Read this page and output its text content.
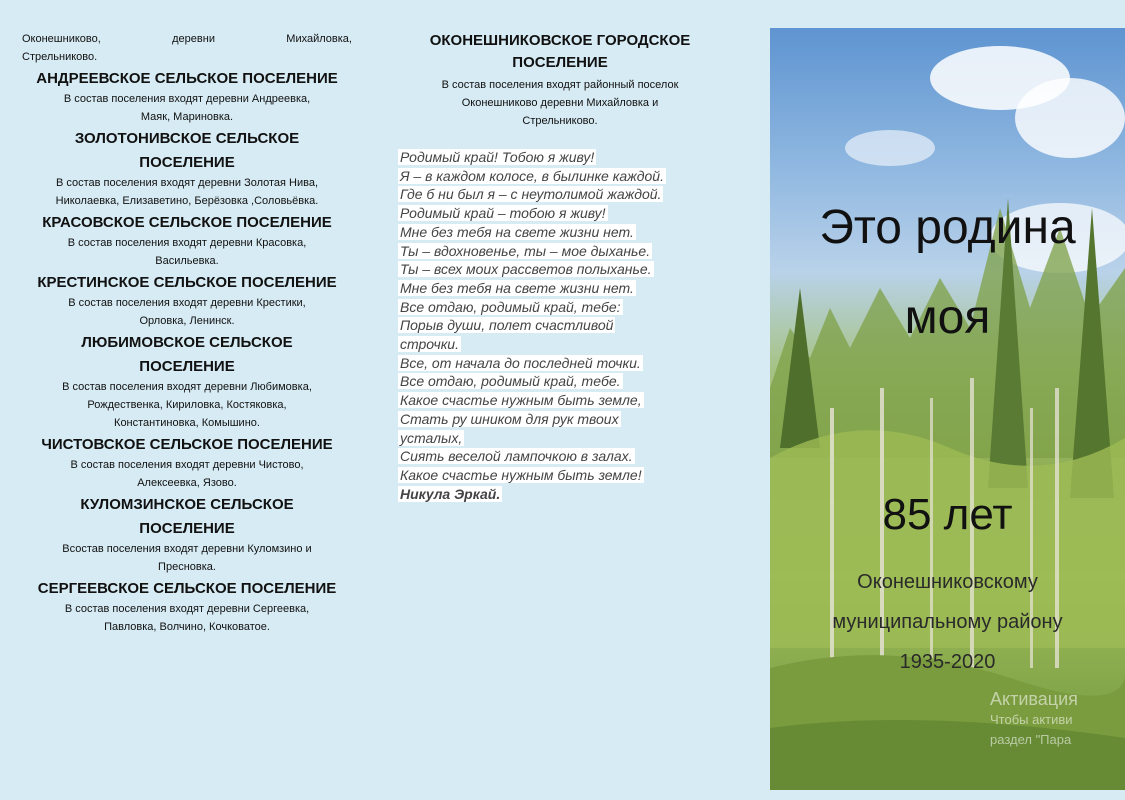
Оконешниково,	деревни	Михайловка,
Стрельниково.

АНДРЕЕВСКОЕ СЕЛЬСКОЕ ПОСЕЛЕНИЕ

В состав поселения входят деревни Андреевка,

Маяк, Мариновка.

ЗОЛОТОНИВСКОЕ СЕЛЬСКОЕ

ПОСЕЛЕНИЕ

В состав поселения входят деревни Золотая Нива,

Николаевка, Елизаветино, Берёзовка ,Соловьёвка.

КРАСОВСКОЕ СЕЛЬСКОЕ ПОСЕЛЕНИЕ

В состав поселения входят деревни Красовка,

Васильевка.

КРЕСТИНСКОЕ СЕЛЬСКОЕ ПОСЕЛЕНИЕ

В состав поселения входят деревни Крестики,

Орловка, Ленинск.

ЛЮБИМОВСКОЕ СЕЛЬСКОЕ

ПОСЕЛЕНИЕ

В состав поселения входят деревни Любимовка,

Рождественка, Кириловка, Костяковка,

Константиновка, Комышино.

ЧИСТОВСКОЕ СЕЛЬСКОЕ ПОСЕЛЕНИЕ

В состав поселения входят деревни Чистово,

Алексеевка, Язово.

КУЛОМЗИНСКОЕ СЕЛЬСКОЕ

ПОСЕЛЕНИЕ

Всостав поселения входят деревни Куломзино и

Пресновка.

СЕРГЕЕВСКОЕ СЕЛЬСКОЕ ПОСЕЛЕНИЕ

В состав поселения входят деревни Сергеевка,

Павловка, Волчино, Кочковатое.

ОКОНЕШНИКОВСКОЕ ГОРОДСКОЕ

ПОСЕЛЕНИЕ

В состав поселения входят районный поселок
Оконешниково деревни Михайловка и
Стрельниково.
Родимый край! Тобою я живу!
Я – в каждом колосе, в былинке каждой.
Где б ни был я – с неутолимой жаждой.
Родимый край – тобою я живу!
Мне без тебя на свете жизни нет.
Ты – вдохновенье, ты – мое дыханье.
Ты – всех моих рассветов полыханье.
Мне без тебя на свете жизни нет.
Все отдаю, родимый край, тебе:
Порыв души, полет счастливой
строчки.
Все, от начала до последней точки.
Все отдаю, родимый край, тебе.
Какое счастье нужным быть земле,
Стать ру шником для рук твоих
усталых,
Сиять веселой лампочкою в залах.
Какое счастье нужным быть земле!
Никула Эркай.

Это родина

моя

85 лет

Оконешниковскому

муниципальному району

1935-2020

Активация
Чтобы активи
раздел "Пара
